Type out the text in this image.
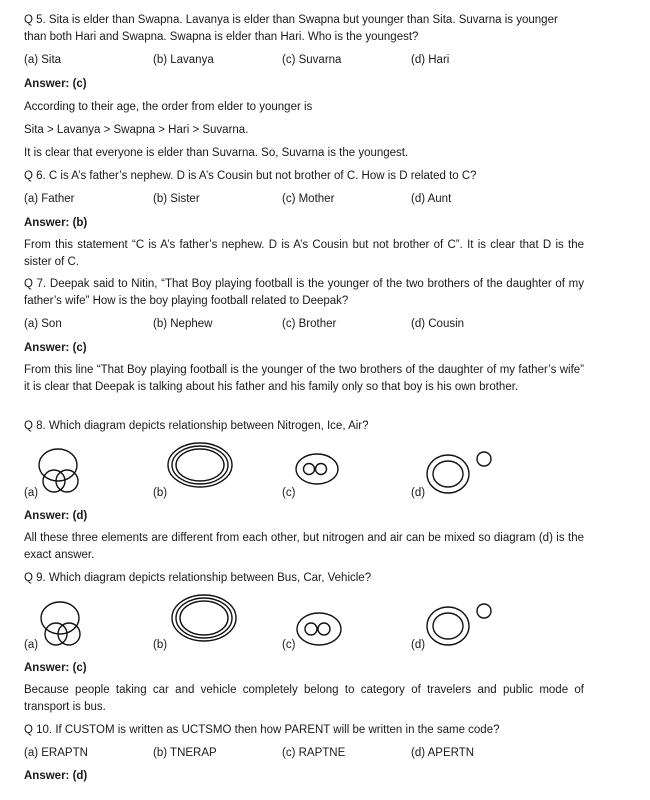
Q 5. Sita is elder than Swapna. Lavanya is elder than Swapna but younger than Sita. Suvarna is younger
than both Hari and Swapna. Swapna is elder than Hari. Who is the youngest?
(a) Sita	(b) Lavanya	(c) Suvarna	(d) Hari
Answer: (c)
According to their age, the order from elder to younger is
Sita > Lavanya > Swapna > Hari > Suvarna.
It is clear that everyone is elder than Suvarna. So, Suvarna is the youngest.
Q 6. C is A’s father’s nephew. D is A’s Cousin but not brother of C. How is D related to C?
(a) Father	(b) Sister	(c) Mother	(d) Aunt
Answer: (b)
From this statement “C is A’s father’s nephew. D is A’s Cousin but not brother of C”. It is clear that D is the sister of C.
Q 7. Deepak said to Nitin, “That Boy playing football is the younger of the two brothers of the daughter of my father’s wife” How is the boy playing football related to Deepak?
(a) Son	(b) Nephew	(c) Brother	(d) Cousin
Answer: (c)
From this line “That Boy playing football is the younger of the two brothers of the daughter of my father’s wife” it is clear that Deepak is talking about his father and his family only so that boy is his own brother.
Q 8. Which diagram depicts relationship between Nitrogen, Ice, Air?
(a)	(b)	(c)	(d)
Answer: (d)
All these three elements are different from each other, but nitrogen and air can be mixed so diagram (d) is the exact answer.
Q 9. Which diagram depicts relationship between Bus, Car, Vehicle?
(a)	(b)	(c)	(d)
Answer: (c)
Because people taking car and vehicle completely belong to category of travelers and public mode of transport is bus.
Q 10. If CUSTOM is written as UCTSMO then how PARENT will be written in the same code?
(a) ERAPTN	(b) TNERAP	(c) RAPTNE	(d) APERTN
Answer: (d)
